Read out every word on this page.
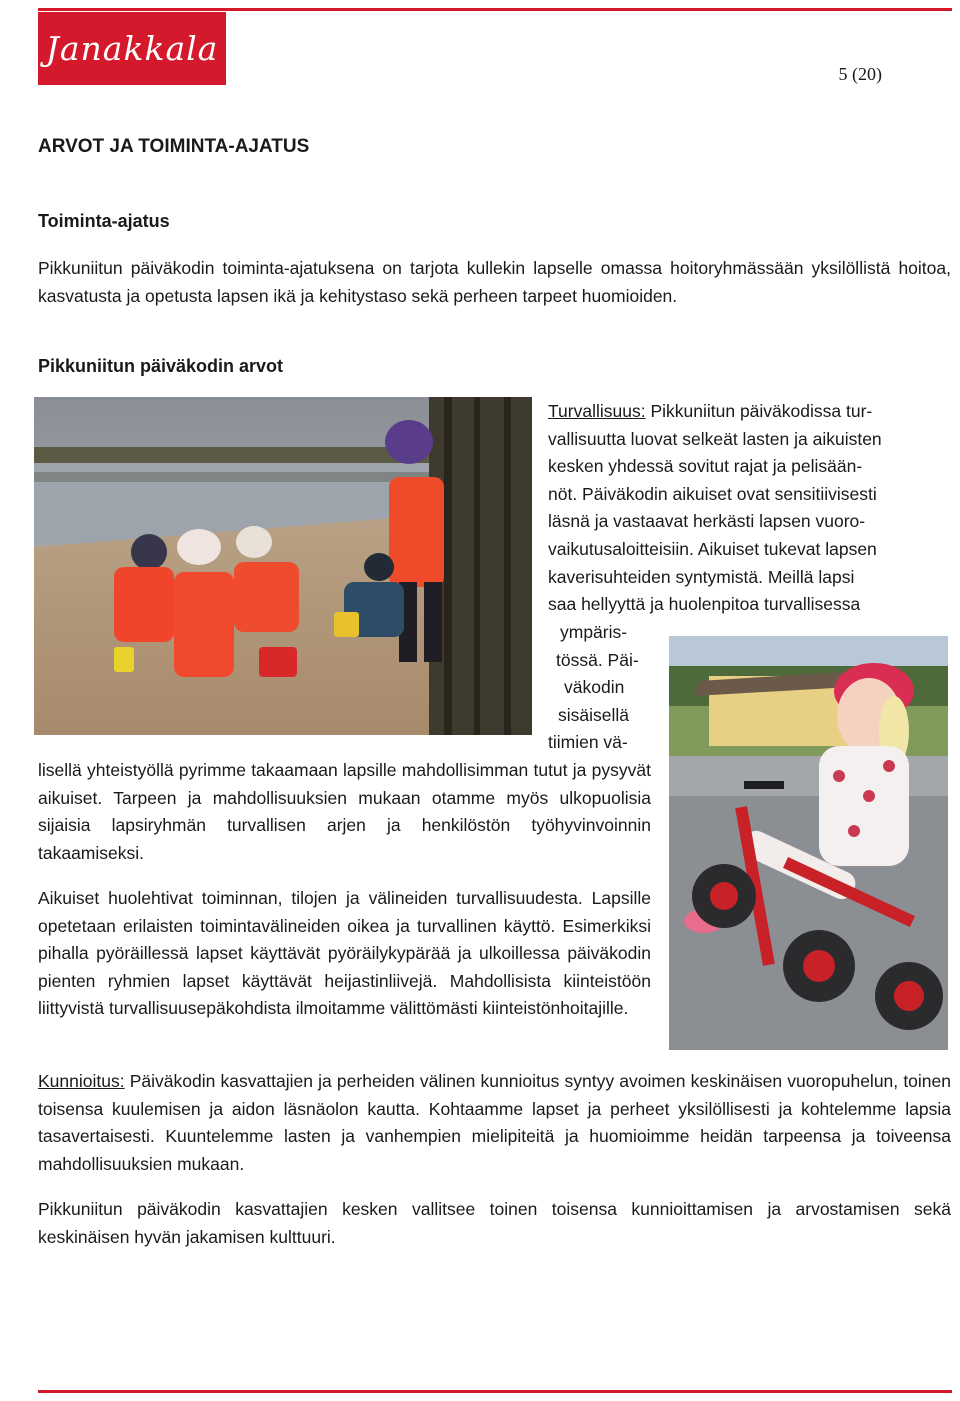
Janakkala
5 (20)
ARVOT JA TOIMINTA-AJATUS
Toiminta-ajatus
Pikkuniitun päiväkodin toiminta-ajatuksena on tarjota kullekin lapselle omassa hoitoryhmässään yksilöllistä hoitoa, kasvatusta ja opetusta lapsen ikä ja kehitystaso sekä perheen tarpeet huomioiden.
Pikkuniitun päiväkodin arvot
Turvallisuus: Pikkuniitun päiväkodissa tur-
vallisuutta luovat selkeät lasten ja aikuisten
kesken yhdessä sovitut rajat ja pelisään-
nöt. Päiväkodin aikuiset ovat sensitiivisesti
läsnä ja vastaavat herkästi lapsen vuoro-
vaikutusaloitteisiin. Aikuiset tukevat lapsen
kaverisuhteiden syntymistä. Meillä lapsi
saa hellyyttä ja huolenpitoa turvallisessa
ympäris-
tössä. Päi-
väkodin
sisäisellä
tiimien vä-
lisellä yhteistyöllä pyrimme takaamaan lapsille mahdollisimman tutut ja pysyvät aikuiset. Tarpeen ja mahdollisuuksien mukaan otamme myös ulkopuolisia sijaisia lapsiryhmän turvallisen arjen ja henkilöstön työhyvinvoinnin takaamiseksi.
Aikuiset huolehtivat toiminnan, tilojen ja välineiden turvallisuudesta. Lapsille opetetaan erilaisten toimintavälineiden oikea ja turvallinen käyttö. Esimerkiksi pihalla pyöräillessä lapset käyttävät pyöräilykypärää ja ulkoillessa päiväkodin pienten ryhmien lapset käyttävät heijastinliivejä. Mahdollisista kiinteistöön liittyvistä turvallisuusepäkohdista ilmoitamme välittömästi kiinteistönhoitajille.
Kunnioitus: Päiväkodin kasvattajien ja perheiden välinen kunnioitus syntyy avoimen keskinäisen vuoropuhelun, toinen toisensa kuulemisen ja aidon läsnäolon kautta. Kohtaamme lapset ja perheet yksilöllisesti ja kohtelemme lapsia tasavertaisesti. Kuuntelemme lasten ja vanhempien mielipiteitä ja huomioimme heidän tarpeensa ja toiveensa mahdollisuuksien mukaan.
Pikkuniitun päiväkodin kasvattajien kesken vallitsee toinen toisensa kunnioittamisen ja arvostamisen sekä keskinäisen hyvän jakamisen kulttuuri.
